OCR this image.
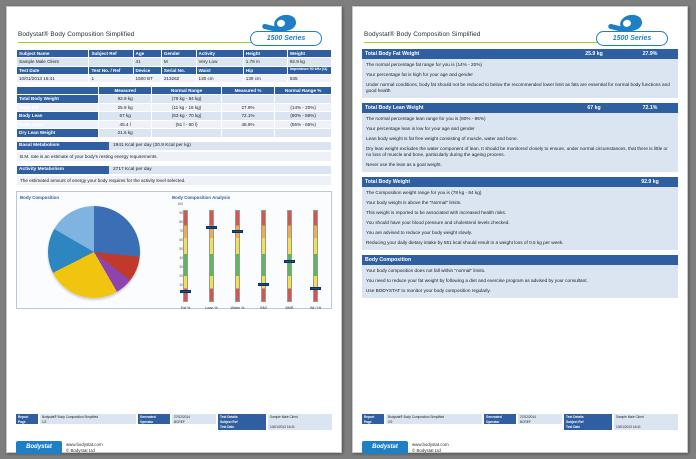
Bodystat® Body Composition Simplified
1500 Series
Subject Name	Subject Ref	Age	Gender	Activity	Height	Weight
Sample Male Client		41	M	Very Low	1.79 m	92.9 kg
Test Date	Test No. / Ref	Device	Serial No.	Waist	Hip	Impedance 50 kHz (Ω)
10/01/2013 16:41	1	1500 BT	213262	130 cm	139 cm	535
	Measured	Normal Range	Measured %	Normal Range %
Total Body Weight	92.9 kg	(78 kg - 84 kg)		
Body Fat	25.9 kg	(11 kg - 16 kg)	27.9%	(14% - 20%)
Body Lean	67 kg	(63 kg - 70 kg)	72.1%	(80% - 86%)
Body Water	45.4 l	(51 l - 60 l)	48.9%	(55% - 65%)
Dry Lean Weight	21.6 kg			
Basal Metabolism	1941 Kcal per day (20.9 Kcal per kg)
B.M. rate is an estimate of your body's resting energy requirements.
Activity Metabolism	2717 Kcal per day
The estimated amount of energy your body requires for the activity level selected.
Body Composition	Body Composition Analysis
100
90
80
70
60
50
40
30
20
10
Fat %	Lean %	Water %	BMI	BMR	Wt / Ht
Report
Page
Bodystat® Body Composition Simplified
1/2
Generated
Operator
27/02/2014
BCREF
Test Details
Subject Ref
Test Date
Sample Male Client

10/01/2013 16:41
Bodystat	www.bodystat.com
© Bodystat Ltd
Bodystat® Body Composition Simplified
1500 Series
Total Body Fat Weight	25.9 kg	27.9%

The normal percentage fat range for you is (14% - 20%)

Your percentage fat is high for your age and gender

Under normal conditions, body fat should not be reduced to below the recommended lower limit as fats are essential for normal body functions and good health

Total Body Lean Weight	67 kg	72.1%

The normal percentage lean range for you is (80% - 86%)

Your percentage lean is low for your age and gender

Lean body weight is fat free weight consisting of muscle, water and bone.

Dry lean weight excludes the water component of lean. It should be monitored closely to ensure, under normal circumstances, that there is little or no loss of muscle and bone, particularly during the ageing process.

Never use the lean as a goal weight.

Total Body Weight	92.9 kg

The Composition weight range for you is (78 kg - 84 kg)

Your body weight is above the "Normal" limits.

This weight is reported to be associated with increased health risks.

You should have your blood pressure and cholesterol levels checked.

You are advised to reduce your body weight slowly.

Reducing your daily dietary intake by 551 kcal should result in a weight loss of 0.5 kg per week.

Body Composition

Your body composition does not fall within "normal" limits.

You need to reduce your fat weight by following a diet and exercise program as advised by your consultant.

Use BODYSTAT to monitor your body composition regularly.

Report
Page
Bodystat® Body Composition Simplified
2/2
Generated
Operator
27/02/2014
BCREF
Test Details
Subject Ref
Test Date
Sample Male Client

10/01/2013 16:41
Bodystat	www.bodystat.com
© Bodystat Ltd
